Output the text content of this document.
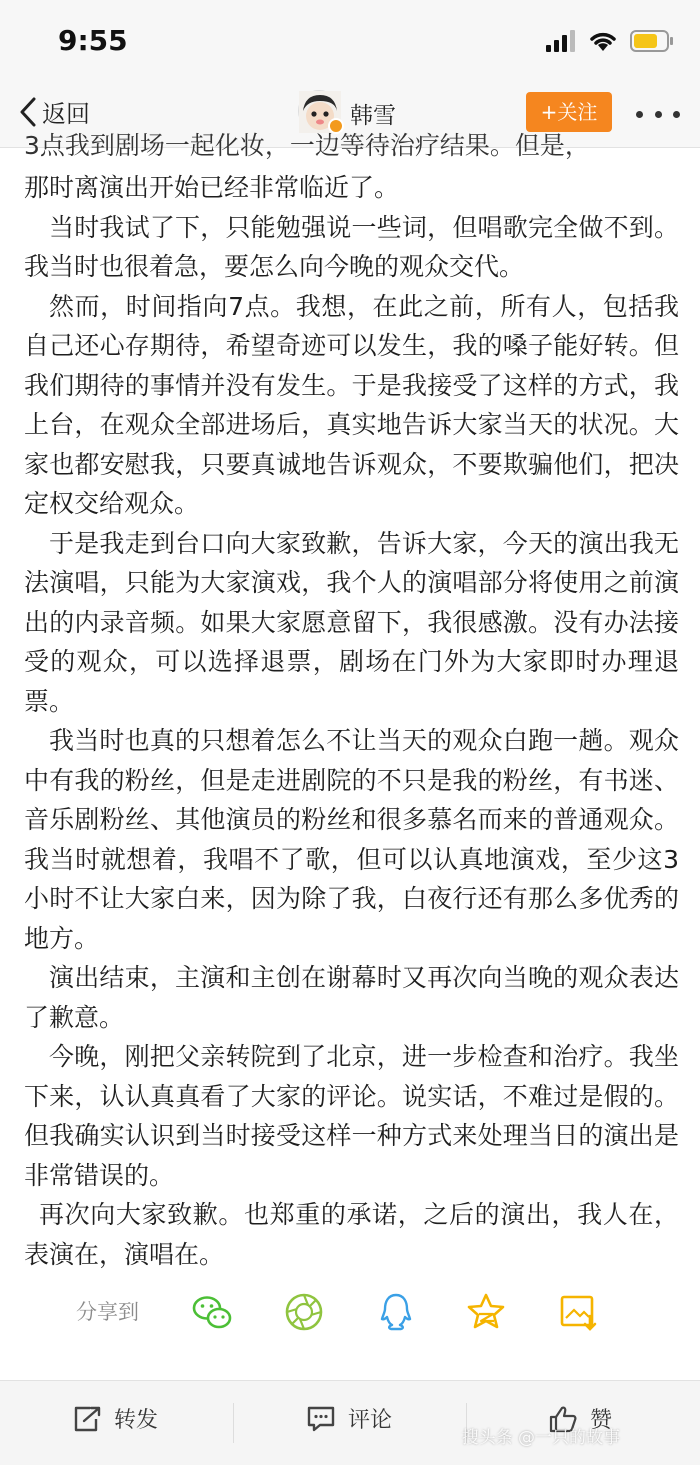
9:55
返回	韩雪	+关注
3点我到剧场一起化妆，一边等待治疗结果。但是，

那时离演出开始已经非常临近了。

当时我试了下，只能勉强说一些词，但唱歌完全做不到。我当时也很着急，要怎么向今晚的观众交代。

然而，时间指向7点。我想，在此之前，所有人，包括我自己还心存期待，希望奇迹可以发生，我的嗓子能好转。但我们期待的事情并没有发生。于是我接受了这样的方式，我上台，在观众全部进场后，真实地告诉大家当天的状况。大家也都安慰我，只要真诚地告诉观众，不要欺骗他们，把决定权交给观众。

于是我走到台口向大家致歉，告诉大家，今天的演出我无法演唱，只能为大家演戏，我个人的演唱部分将使用之前演出的内录音频。如果大家愿意留下，我很感激。没有办法接受的观众，可以选择退票，剧场在门外为大家即时办理退票。

我当时也真的只想着怎么不让当天的观众白跑一趟。观众中有我的粉丝，但是走进剧院的不只是我的粉丝，有书迷、音乐剧粉丝、其他演员的粉丝和很多慕名而来的普通观众。我当时就想着，我唱不了歌，但可以认真地演戏，至少这3小时不让大家白来，因为除了我，白夜行还有那么多优秀的地方。

演出结束，主演和主创在谢幕时又再次向当晚的观众表达了歉意。

今晚，刚把父亲转院到了北京，进一步检查和治疗。我坐下来，认认真真看了大家的评论。说实话，不难过是假的。但我确实认识到当时接受这样一种方式来处理当日的演出是非常错误的。

再次向大家致歉。也郑重的承诺，之后的演出，我人在，表演在，演唱在。

分享到
转发	评论	赞
搜头条 @一只的故事
